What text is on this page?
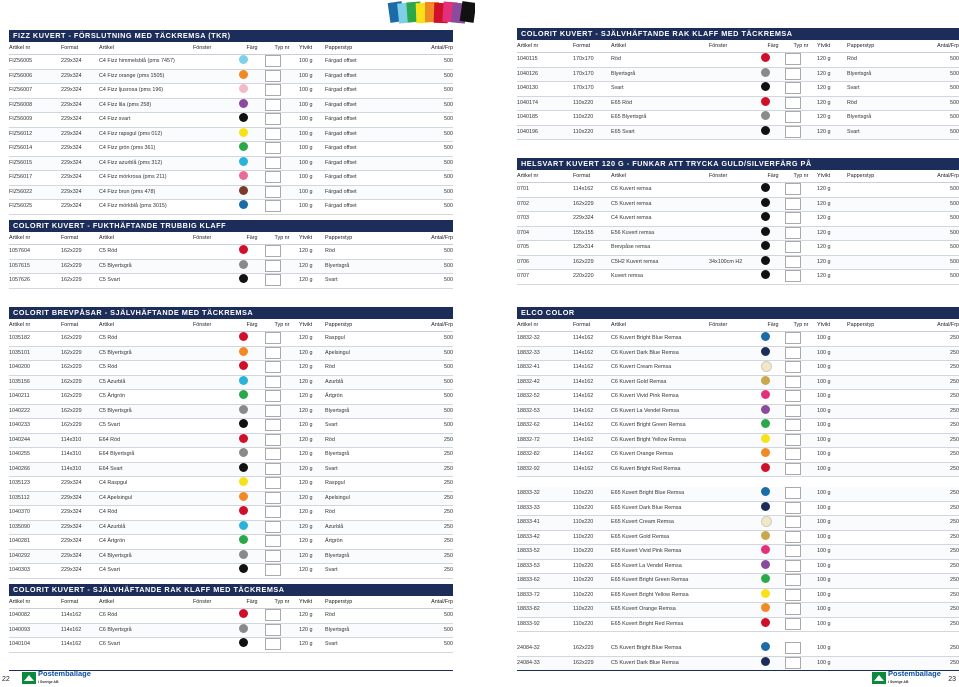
FIZZ KUVERT - FÖRSLUTNING MED TÄCKREMSA (TKR)
Artikel nr	Format	Artikel	Fönster	Färg	Typ nr	Ytvikt	Papperstyp	Antal/Frp
FIZ56005	229x324	C4 Fizz himmelsblå (pms 7457)	100 g	Färgad offset	500
FIZ56006	229x324	C4 Fizz orange (pms 1505)	100 g	Färgad offset	500
FIZ56007	229x324	C4 Fizz ljusrosa (pms 196)	100 g	Färgad offset	500
FIZ56008	229x324	C4 Fizz lila (pms 258)	100 g	Färgad offset	500
FIZ56009	229x324	C4 Fizz svart	100 g	Färgad offset	500
FIZ56012	229x324	C4 Fizz rapsgul (pms 012)	100 g	Färgad offset	500
FIZ56014	229x324	C4 Fizz grön (pms 361)	100 g	Färgad offset	500
FIZ56015	229x324	C4 Fizz azurblå (pms 312)	100 g	Färgad offset	500
FIZ56017	229x324	C4 Fizz mörkrosa (pms 211)	100 g	Färgad offset	500
FIZ56022	229x324	C4 Fizz brun (pms 478)	100 g	Färgad offset	500
FIZ56025	229x324	C4 Fizz mörkblå (pms 3015)	100 g	Färgad offset	500
COLORIT KUVERT - FUKTHÄFTANDE TRUBBIG KLAFF
Artikel nr	Format	Artikel	Fönster	Färg	Typ nr	Ytvikt	Papperstyp	Antal/Frp
1057604	162x229	C5 Röd	120 g	Röd	500
1057615	162x229	C5 Blyertsgrå	120 g	Blyertsgrå	500
1057626	162x229	C5 Svart	120 g	Svart	500
COLORIT BREVPÅSAR - SJÄLVHÄFTANDE MED TÄCKREMSA
Artikel nr	Format	Artikel	Fönster	Färg	Typ nr	Ytvikt	Papperstyp	Antal/Frp
1035182	162x229	C5 Röd	120 g	Raspgul	500
1035101	162x229	C5 Blyertsgrå	120 g	Apelsingul	500
1040200	162x229	C5 Röd	120 g	Röd	500
1035156	162x229	C5 Azurblå	120 g	Azurblå	500
1040211	162x229	C5 Ärtgrön	120 g	Ärtgrön	500
1040222	162x229	C5 Blyertsgrå	120 g	Blyertsgrå	500
1040233	162x229	C5 Svart	120 g	Svart	500
1040244	114x310	E64 Röd	120 g	Röd	250
1040255	114x310	E64 Blyertsgrå	120 g	Blyertsgrå	250
1040266	114x310	E64 Svart	120 g	Svart	250
1035123	229x324	C4 Raspgul	120 g	Raspgul	250
1035112	229x324	C4 Apelsingul	120 g	Apelsingul	250
1040370	229x324	C4 Röd	120 g	Röd	250
1035090	229x324	C4 Azurblå	120 g	Azurblå	250
1040281	229x324	C4 Ärtgrön	120 g	Ärtgrön	250
1040292	229x324	C4 Blyertsgrå	120 g	Blyertsgrå	250
1040303	229x324	C4 Svart	120 g	Svart	250
COLORIT KUVERT - SJÄLVHÄFTANDE RAK KLAFF MED TÄCKREMSA
Artikel nr	Format	Artikel	Fönster	Färg	Typ nr	Ytvikt	Papperstyp	Antal/Frp
1040082	114x162	C6 Röd	120 g	Röd	500
1040093	114x162	C6 Blyertsgrå	120 g	Blyertsgrå	500
1040104	114x162	C6 Svart	120 g	Svart	500
COLORIT KUVERT - SJÄLVHÄFTANDE RAK KLAFF MED TÄCKREMSA
Artikel nr	Format	Artikel	Fönster	Färg	Typ nr	Ytvikt	Papperstyp	Antal/Frp
1040115	170x170	Röd	120 g	Röd	500
1040126	170x170	Blyertsgrå	120 g	Blyertsgrå	500
1040130	170x170	Svart	120 g	Svart	500
1040174	110x220	E65 Röd	120 g	Röd	500
1040185	110x220	E65 Blyertsgrå	120 g	Blyertsgrå	500
1040196	110x220	E65 Svart	120 g	Svart	500
HELSVART KUVERT 120 G - FUNKAR ATT TRYCKA GULD/SILVERFÄRG PÅ
Artikel nr	Format	Artikel	Fönster	Färg	Typ nr	Ytvikt	Papperstyp	Antal/Frp
0701	114x162	C6 Kuvert remsa	120 g	500
0702	162x229	C5 Kuvert remsa	120 g	500
0703	229x324	C4 Kuvert remsa	120 g	500
0704	155x155	E56 Kuvert remsa	120 g	500
0705	125x314	Brevpåse remsa	120 g	500
0706	162x229	C5H2 Kuvert remsa	34x100cm H2	120 g	500
0707	220x220	Kuvert remsa	120 g	500
ELCO COLOR
Artikel nr	Format	Artikel	Fönster	Färg	Typ nr	Ytvikt	Papperstyp	Antal/Frp
18832-32	114x162	C6 Kuvert Bright Blue Remsa	100 g	250
18832-33	114x162	C6 Kuvert Dark Blue Remsa	100 g	250
18832-41	114x162	C6 Kuvert Cream Remsa	100 g	250
18832-42	114x162	C6 Kuvert Gold Remsa	100 g	250
18832-52	114x162	C6 Kuvert Vivid Pink Remsa	100 g	250
18832-53	114x162	C6 Kuvert La Vendel Remsa	100 g	250
18832-62	114x162	C6 Kuvert Bright Green Remsa	100 g	250
18832-72	114x162	C6 Kuvert Bright Yellow Remsa	100 g	250
18832-82	114x162	C6 Kuvert Orange Remsa	100 g	250
18832-92	114x162	C6 Kuvert Bright Red Remsa	100 g	250
18833-32	110x220	E65 Kuvert Bright Blue Remsa	100 g	250
18833-33	110x220	E65 Kuvert Dark Blue Remsa	100 g	250
18833-41	110x220	E65 Kuvert Cream Remsa	100 g	250
18833-42	110x220	E65 Kuvert Gold Remsa	100 g	250
18833-52	110x220	E65 Kuvert Vivid Pink Remsa	100 g	250
18833-53	110x220	E65 Kuvert La Vendel Remsa	100 g	250
18833-62	110x220	E65 Kuvert Bright Green Remsa	100 g	250
18833-72	110x220	E65 Kuvert Bright Yellow Remsa	100 g	250
18833-82	110x220	E65 Kuvert Orange Remsa	100 g	250
18833-92	110x220	E65 Kuvert Bright Red Remsa	100 g	250
24084-32	162x229	C5 Kuvert Bright Blue Remsa	100 g	250
24084-33	162x229	C5 Kuvert Dark Blue Remsa	100 g	250
22
Postemballage
i Sverige AB
Postemballage
i Sverige AB	23
